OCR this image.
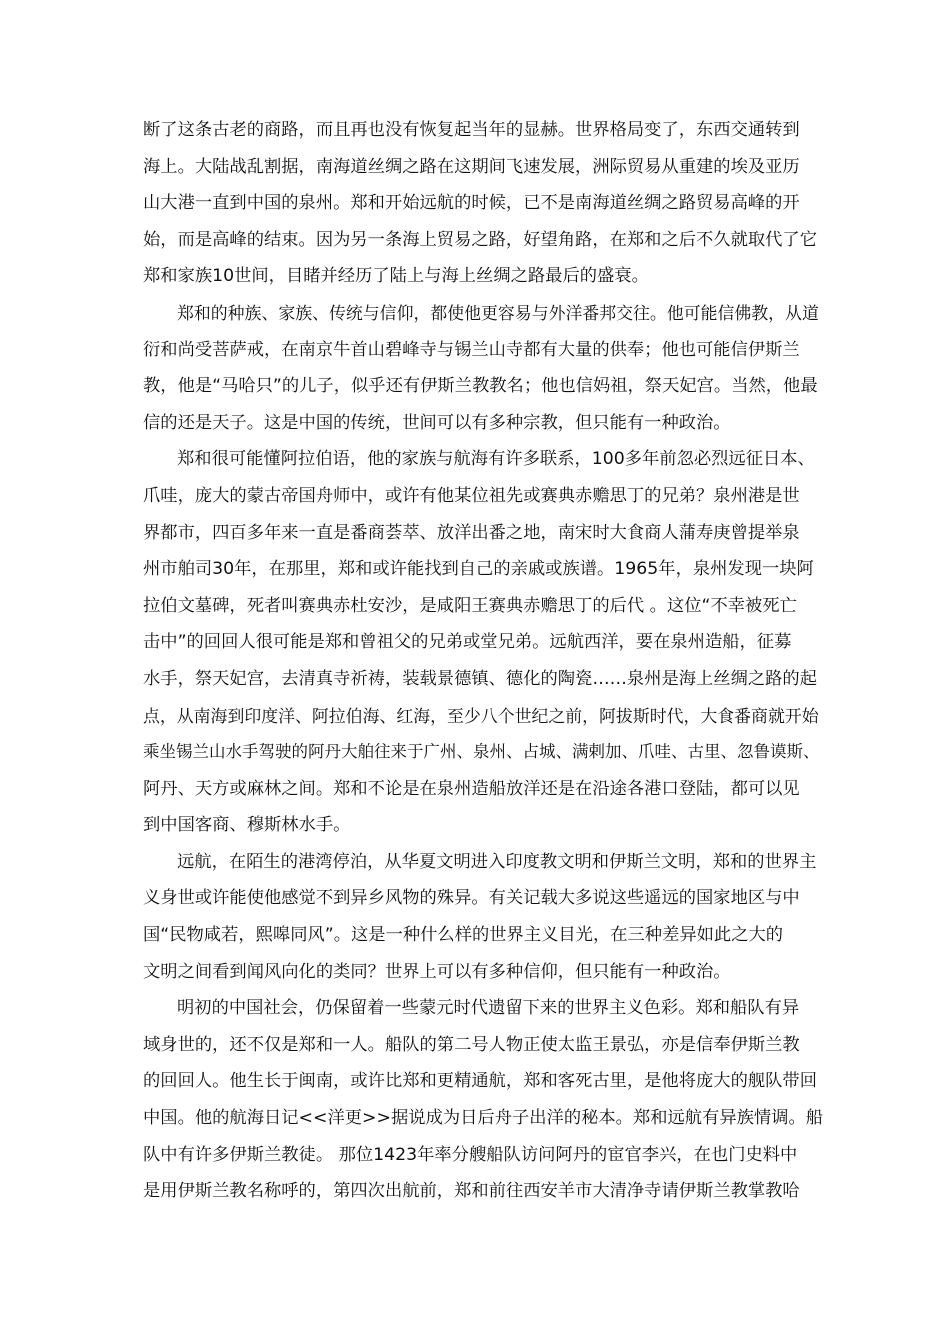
断了这条古老的商路，而且再也没有恢复起当年的显赫。世界格局变了，东西交通转到
海上。大陆战乱割据，南海道丝绸之路在这期间飞速发展，洲际贸易从重建的埃及亚历
山大港一直到中国的泉州。郑和开始远航的时候，已不是南海道丝绸之路贸易高峰的开
始，而是高峰的结束。因为另一条海上贸易之路，好望角路，在郑和之后不久就取代了它
郑和家族10世间，目睹并经历了陆上与海上丝绸之路最后的盛衰。
郑和的种族、家族、传统与信仰，都使他更容易与外洋番邦交往。他可能信佛教，从道
衍和尚受菩萨戒，在南京牛首山碧峰寺与锡兰山寺都有大量的供奉；他也可能信伊斯兰
教，他是“马哈只”的儿子，似乎还有伊斯兰教教名；他也信妈祖，祭天妃宫。当然，他最
信的还是天子。这是中国的传统，世间可以有多种宗教，但只能有一种政治。
郑和很可能懂阿拉伯语，他的家族与航海有许多联系，100多年前忽必烈远征日本、
爪哇，庞大的蒙古帝国舟师中，或许有他某位祖先或赛典赤赡思丁的兄弟？泉州港是世
界都市，四百多年来一直是番商荟萃、放洋出番之地，南宋时大食商人蒲寿庚曾提举泉
州市舶司30年，在那里，郑和或许能找到自己的亲戚或族谱。1965年，泉州发现一块阿
拉伯文墓碑，死者叫赛典赤杜安沙，是咸阳王赛典赤赡思丁的后代 。这位“不幸被死亡
击中”的回回人很可能是郑和曾祖父的兄弟或堂兄弟。远航西洋，要在泉州造船，征募
水手，祭天妃宫，去清真寺祈祷，装载景德镇、德化的陶瓷……泉州是海上丝绸之路的起
点，从南海到印度洋、阿拉伯海、红海，至少八个世纪之前，阿拔斯时代，大食番商就开始
乘坐锡兰山水手驾驶的阿丹大舶往来于广州、泉州、占城、满剌加、爪哇、古里、忽鲁谟斯、
阿丹、天方或麻林之间。郑和不论是在泉州造船放洋还是在沿途各港口登陆，都可以见
到中国客商、穆斯林水手。
远航，在陌生的港湾停泊，从华夏文明进入印度教文明和伊斯兰文明，郑和的世界主
义身世或许能使他感觉不到异乡风物的殊异。有关记载大多说这些遥远的国家地区与中
国“民物咸若，熙嗥同风”。这是一种什么样的世界主义目光，在三种差异如此之大的
文明之间看到闻风向化的类同？世界上可以有多种信仰，但只能有一种政治。
明初的中国社会，仍保留着一些蒙元时代遗留下来的世界主义色彩。郑和船队有异
域身世的，还不仅是郑和一人。船队的第二号人物正使太监王景弘，亦是信奉伊斯兰教
的回回人。他生长于闽南，或许比郑和更精通航，郑和客死古里，是他将庞大的舰队带回
中国。他的航海日记<<洋更>>据说成为日后舟子出洋的秘本。郑和远航有异族情调。船
队中有许多伊斯兰教徒。 那位1423年率分艘船队访问阿丹的宦官李兴，在也门史料中
是用伊斯兰教名称呼的，第四次出航前，郑和前往西安羊市大清净寺请伊斯兰教掌教哈
